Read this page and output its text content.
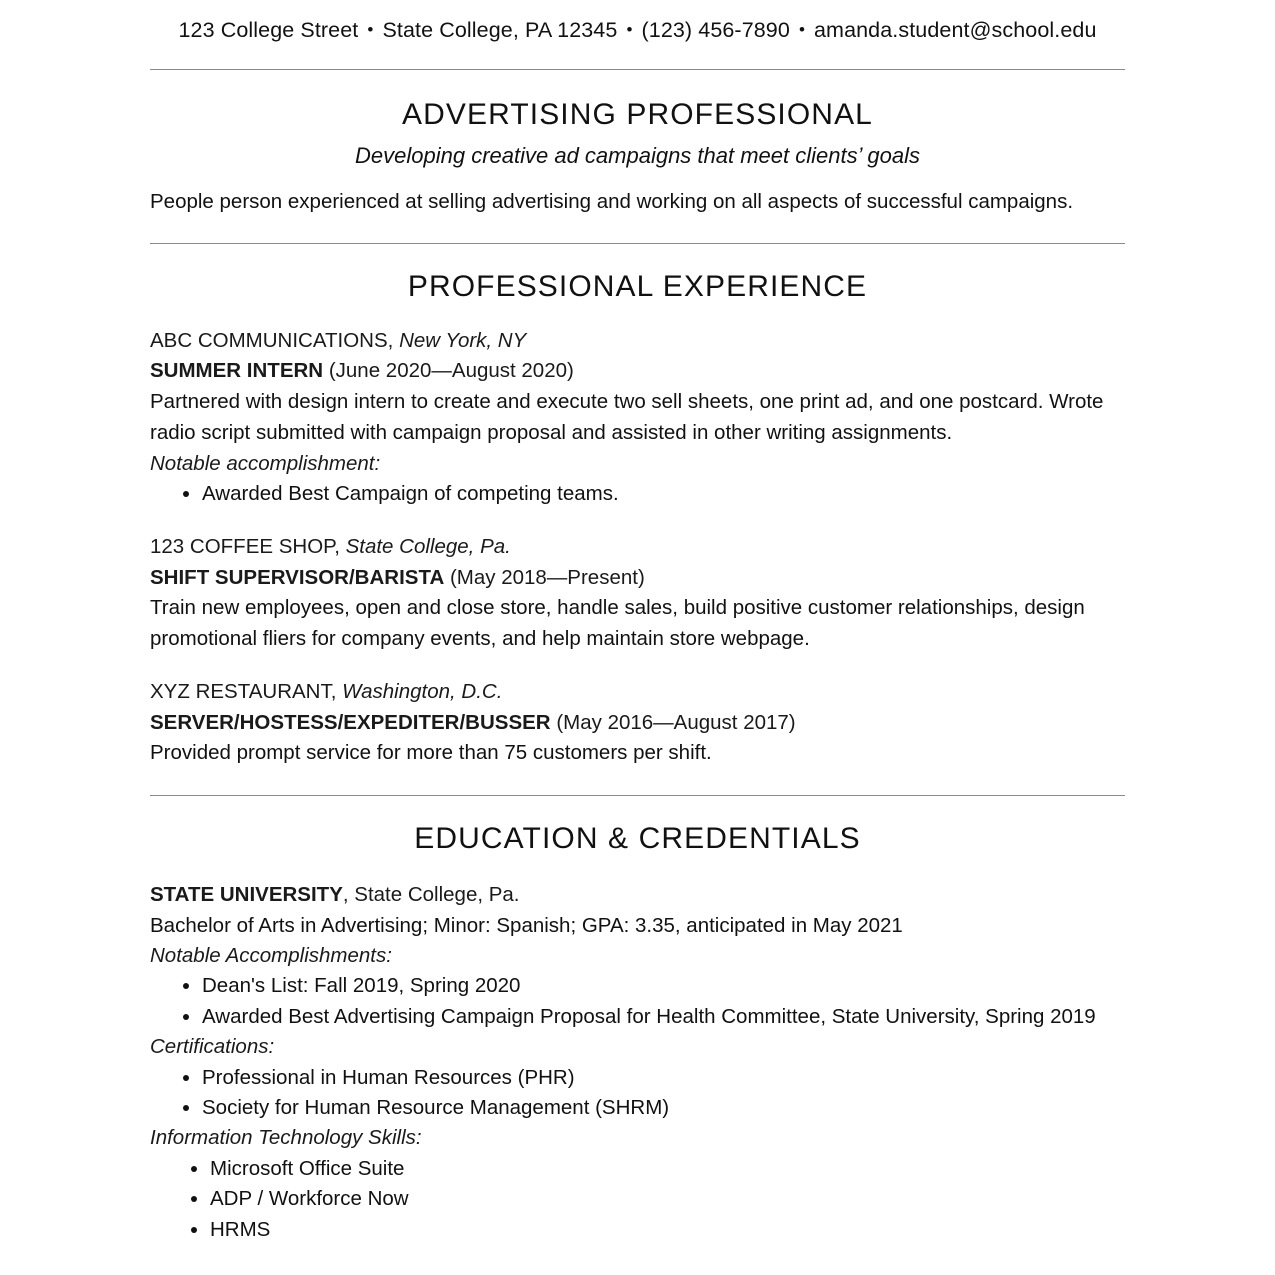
123 College Street • State College, PA 12345 • (123) 456-7890 • amanda.student@school.edu
ADVERTISING PROFESSIONAL
Developing creative ad campaigns that meet clients’ goals
People person experienced at selling advertising and working on all aspects of successful campaigns.
PROFESSIONAL EXPERIENCE
ABC COMMUNICATIONS, New York, NY
SUMMER INTERN (June 2020—August 2020)
Partnered with design intern to create and execute two sell sheets, one print ad, and one postcard. Wrote radio script submitted with campaign proposal and assisted in other writing assignments.
Notable accomplishment:
• Awarded Best Campaign of competing teams.
123 COFFEE SHOP, State College, Pa.
SHIFT SUPERVISOR/BARISTA (May 2018—Present)
Train new employees, open and close store, handle sales, build positive customer relationships, design promotional fliers for company events, and help maintain store webpage.
XYZ RESTAURANT, Washington, D.C.
SERVER/HOSTESS/EXPEDITER/BUSSER (May 2016—August 2017)
Provided prompt service for more than 75 customers per shift.
EDUCATION & CREDENTIALS
STATE UNIVERSITY, State College, Pa.
Bachelor of Arts in Advertising; Minor: Spanish; GPA: 3.35, anticipated in May 2021
Notable Accomplishments:
• Dean's List: Fall 2019, Spring 2020
• Awarded Best Advertising Campaign Proposal for Health Committee, State University, Spring 2019
Certifications:
• Professional in Human Resources (PHR)
• Society for Human Resource Management (SHRM)
Information Technology Skills:
• Microsoft Office Suite
• ADP / Workforce Now
• HRMS
